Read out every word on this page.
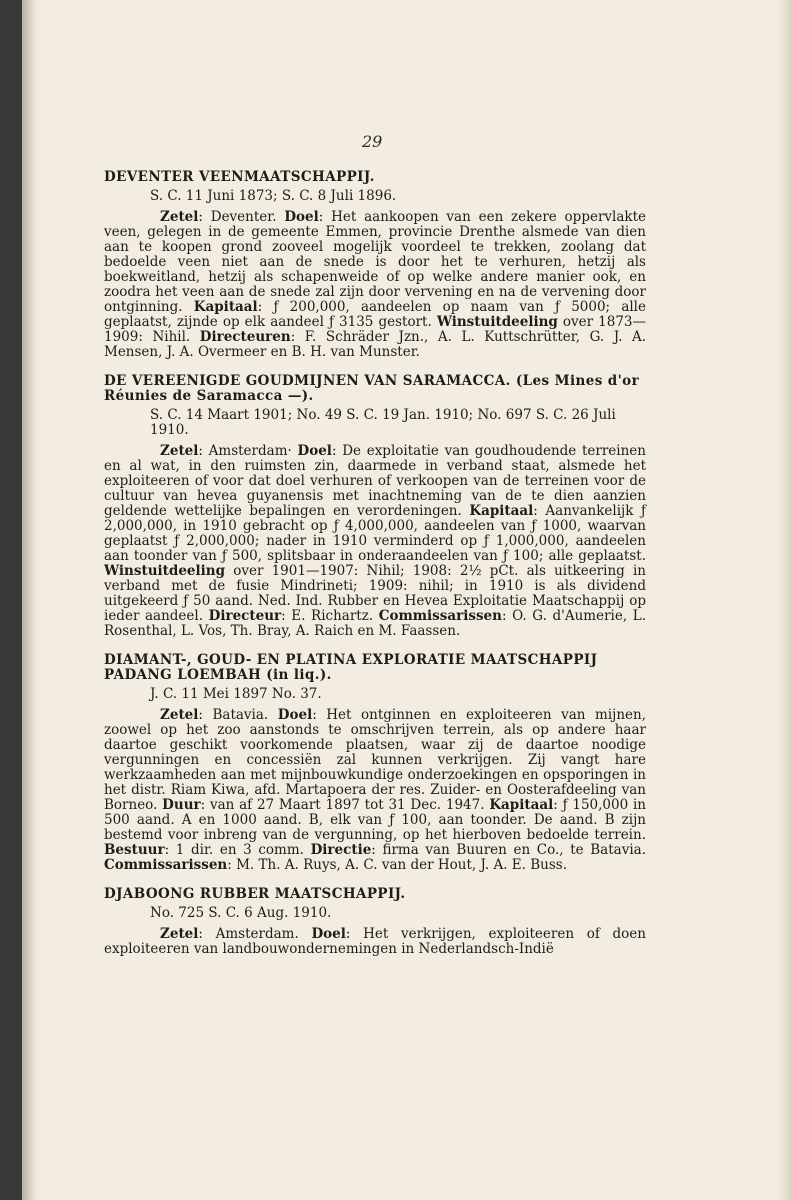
29

DEVENTER VEENMAATSCHAPPIJ.

S. C. 11 Juni 1873; S. C. 8 Juli 1896.

Zetel: Deventer. Doel: Het aankoopen van een zekere oppervlakte veen, gelegen in de gemeente Emmen, provincie Drenthe alsmede van dien aan te koopen grond zooveel mogelijk voordeel te trekken, zoolang dat bedoelde veen niet aan de snede is door het te verhuren, hetzij als boekweitland, hetzij als schapenweide of op welke andere manier ook, en zoodra het veen aan de snede zal zijn door vervening en na de vervening door ontginning. Kapitaal: ƒ 200,000, aandeelen op naam van ƒ 5000; alle geplaatst, zijnde op elk aandeel ƒ 3135 gestort. Winstuitdeeling over 1873—1909: Nihil. Directeuren: F. Schräder Jzn., A. L. Kuttschrütter, G. J. A. Mensen, J. A. Overmeer en B. H. van Munster.

DE VEREENIGDE GOUDMIJNEN VAN SARAMACCA. (Les Mines d'or Réunies de Saramacca —).

S. C. 14 Maart 1901; No. 49 S. C. 19 Jan. 1910; No. 697 S. C. 26 Juli 1910.

Zetel: Amsterdam· Doel: De exploitatie van goudhoudende terreinen en al wat, in den ruimsten zin, daarmede in verband staat, alsmede het exploiteeren of voor dat doel verhuren of verkoopen van de terreinen voor de cultuur van hevea guyanensis met inachtneming van de te dien aanzien geldende wettelijke bepalingen en verordeningen. Kapitaal: Aanvankelijk ƒ 2,000,000, in 1910 gebracht op ƒ 4,000,000, aandeelen van ƒ 1000, waarvan geplaatst ƒ 2,000,000; nader in 1910 verminderd op ƒ 1,000,000, aandeelen aan toonder van ƒ 500, splitsbaar in onderaandeelen van ƒ 100; alle geplaatst. Winstuitdeeling over 1901—1907: Nihil; 1908: 2½ pCt. als uitkeering in verband met de fusie Mindrineti; 1909: nihil; in 1910 is als dividend uitgekeerd ƒ 50 aand. Ned. Ind. Rubber en Hevea Exploitatie Maatschappij op ieder aandeel. Directeur: E. Richartz. Commissarissen: O. G. d'Aumerie, L. Rosenthal, L. Vos, Th. Bray, A. Raich en M. Faassen.

DIAMANT-, GOUD- EN PLATINA EXPLORATIE MAATSCHAPPIJ PADANG LOEMBAH (in liq.).

J. C. 11 Mei 1897 No. 37.

Zetel: Batavia. Doel: Het ontginnen en exploiteeren van mijnen, zoowel op het zoo aanstonds te omschrijven terrein, als op andere haar daartoe geschikt voorkomende plaatsen, waar zij de daartoe noodige vergunningen en concessiën zal kunnen verkrijgen. Zij vangt hare werkzaamheden aan met mijnbouwkundige onderzoekingen en opsporingen in het distr. Riam Kiwa, afd. Martapoera der res. Zuider- en Oosterafdeeling van Borneo. Duur: van af 27 Maart 1897 tot 31 Dec. 1947. Kapitaal: ƒ 150,000 in 500 aand. A en 1000 aand. B, elk van ƒ 100, aan toonder. De aand. B zijn bestemd voor inbreng van de vergunning, op het hierboven bedoelde terrein. Bestuur: 1 dir. en 3 comm. Directie: firma van Buuren en Co., te Batavia. Commissarissen: M. Th. A. Ruys, A. C. van der Hout, J. A. E. Buss.

DJABOONG RUBBER MAATSCHAPPIJ.

No. 725 S. C. 6 Aug. 1910.

Zetel: Amsterdam. Doel: Het verkrijgen, exploiteeren of doen exploiteeren van landbouwondernemingen in Nederlandsch-Indië
